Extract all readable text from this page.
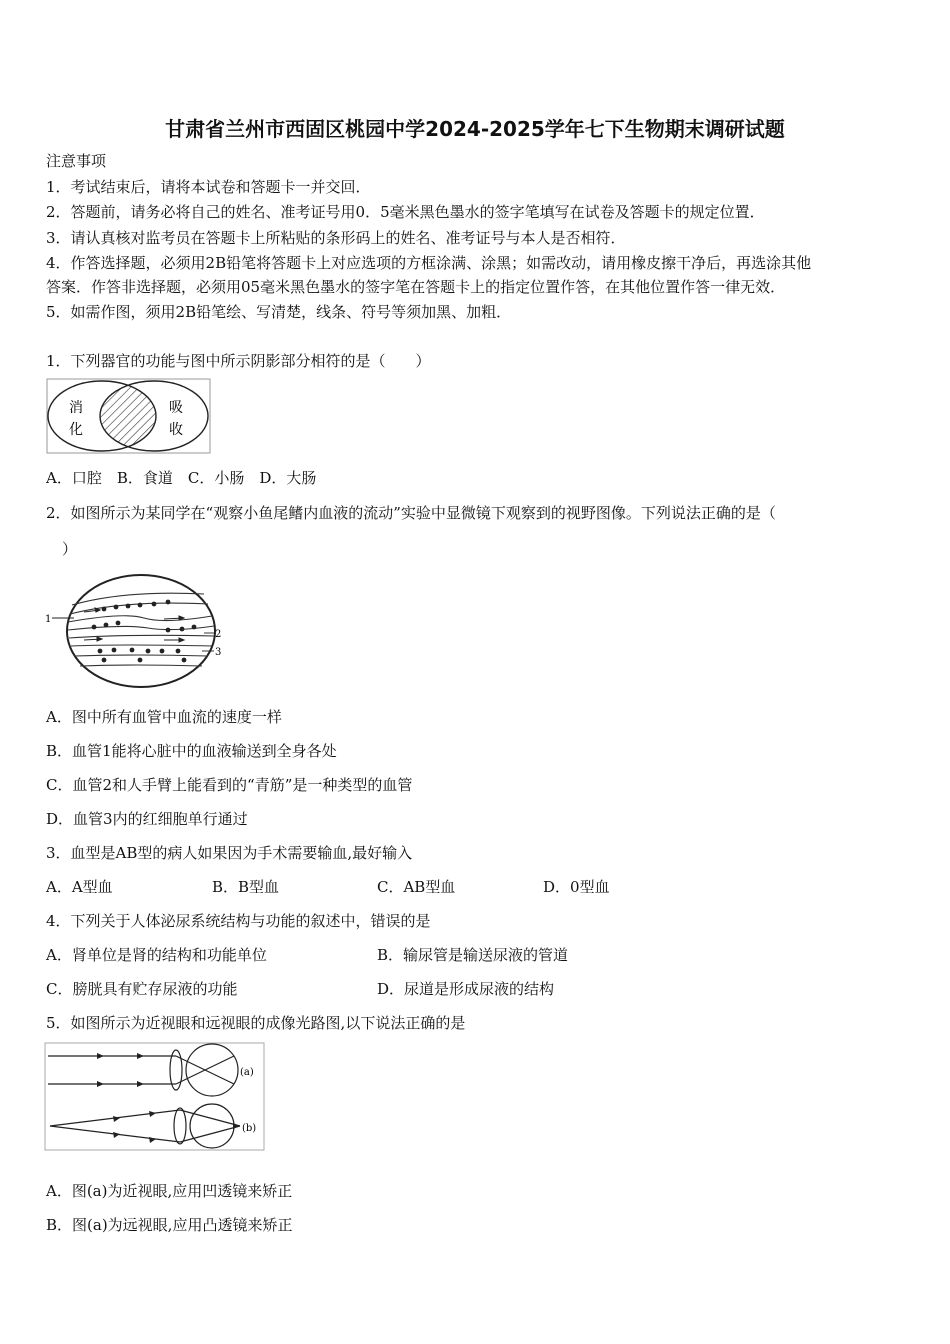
甘肃省兰州市西固区桃园中学2024-2025学年七下生物期末调研试题
注意事项
1．考试结束后，请将本试卷和答题卡一并交回．
2．答题前，请务必将自己的姓名、准考证号用0．5毫米黑色墨水的签字笔填写在试卷及答题卡的规定位置．
3．请认真核对监考员在答题卡上所粘贴的条形码上的姓名、准考证号与本人是否相符．
4．作答选择题，必须用2B铅笔将答题卡上对应选项的方框涂满、涂黑；如需改动，请用橡皮擦干净后，再选涂其他
答案．作答非选择题，必须用05毫米黑色墨水的签字笔在答题卡上的指定位置作答，在其他位置作答一律无效．
5．如需作图，须用2B铅笔绘、写清楚，线条、符号等须加黑、加粗．
1．下列器官的功能与图中所示阴影部分相符的是（　　）
消
化
吸
收
A．口腔　B．食道　C．小肠　D．大肠
2．如图所示为某同学在“观察小鱼尾鳍内血液的流动”实验中显微镜下观察到的视野图像。下列说法正确的是（
）
1
2
3
A．图中所有血管中血流的速度一样
B．血管1能将心脏中的血液输送到全身各处
C．血管2和人手臂上能看到的“青筋”是一种类型的血管
D．血管3内的红细胞单行通过
3．血型是AB型的病人如果因为手术需要输血,最好输入
A．A型血	B．B型血	C．AB型血	D．0型血
4．下列关于人体泌尿系统结构与功能的叙述中，错误的是
A．肾单位是肾的结构和功能单位	B．输尿管是输送尿液的管道
C．膀胱具有贮存尿液的功能	D．尿道是形成尿液的结构
5．如图所示为近视眼和远视眼的成像光路图,以下说法正确的是
(a)
(b)
A．图(a)为近视眼,应用凹透镜来矫正
B．图(a)为远视眼,应用凸透镜来矫正
